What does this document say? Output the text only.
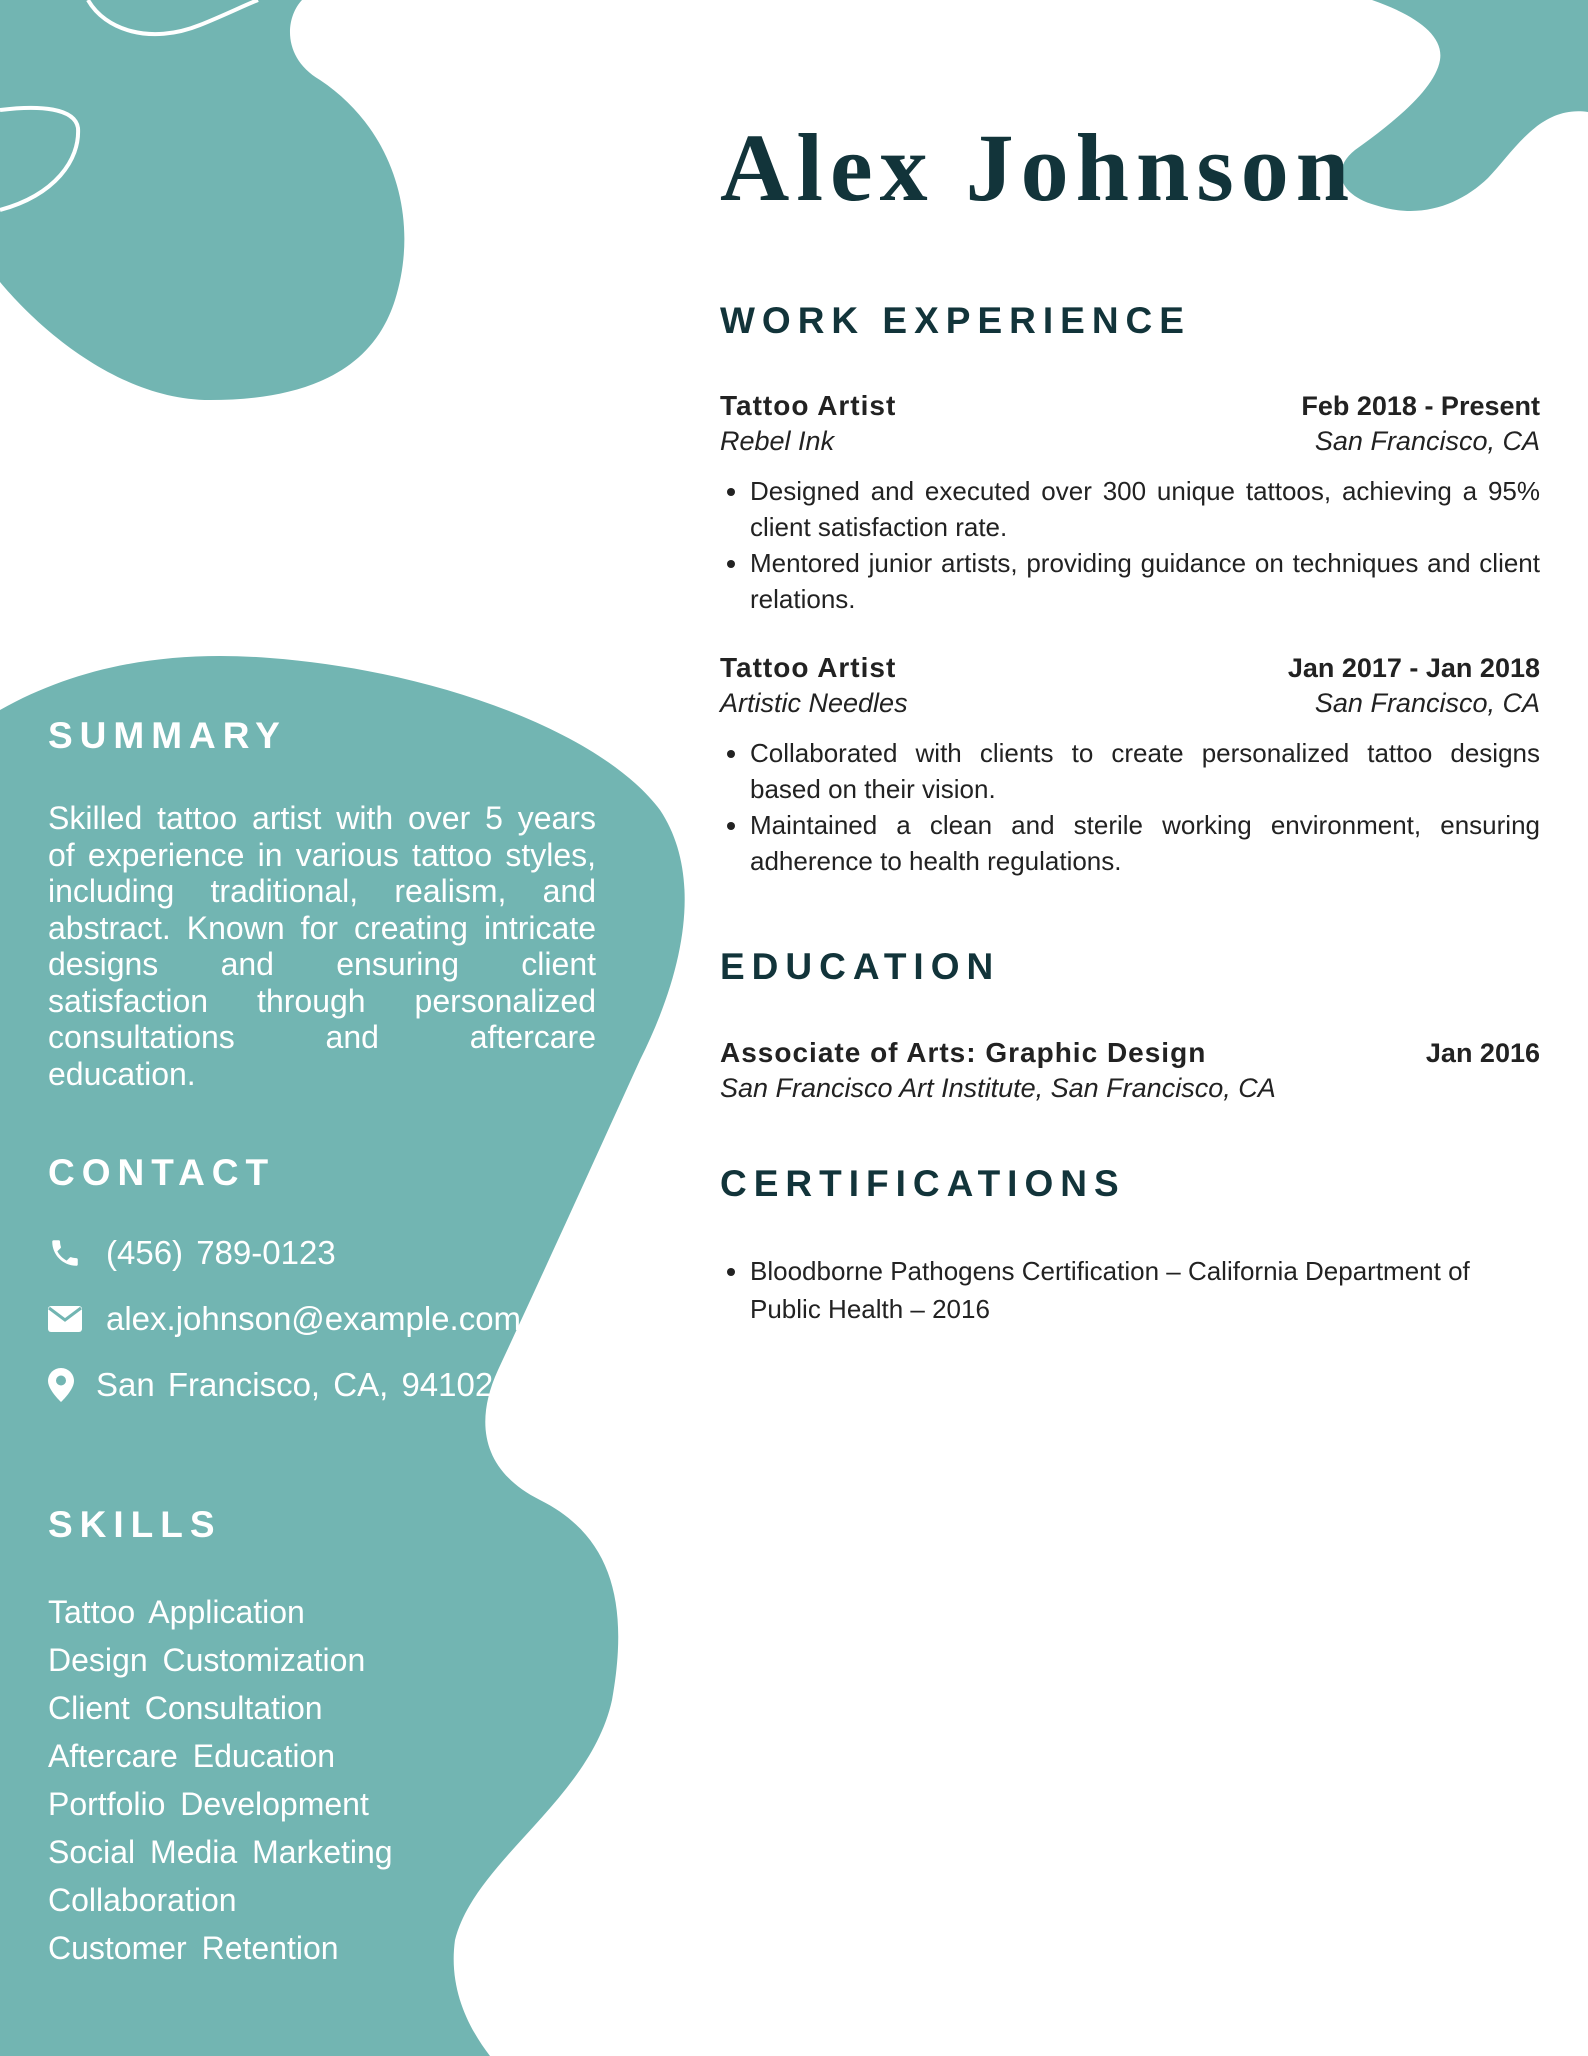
Alex Johnson
WORK EXPERIENCE
Tattoo Artist	Feb 2018 - Present
Rebel Ink	San Francisco, CA
• Designed and executed over 300 unique tattoos, achieving a 95% client satisfaction rate.
• Mentored junior artists, providing guidance on techniques and client relations.
Tattoo Artist	Jan 2017 - Jan 2018
Artistic Needles	San Francisco, CA
• Collaborated with clients to create personalized tattoo designs based on their vision.
• Maintained a clean and sterile working environment, ensuring adherence to health regulations.
EDUCATION
Associate of Arts: Graphic Design	Jan 2016
San Francisco Art Institute, San Francisco, CA
CERTIFICATIONS
• Bloodborne Pathogens Certification – California Department of Public Health – 2016
SUMMARY

Skilled tattoo artist with over 5 years of experience in various tattoo styles, including traditional, realism, and abstract. Known for creating intricate designs and ensuring client satisfaction through personalized consultations and aftercare education.

CONTACT
(456) 789-0123
alex.johnson@example.com
San Francisco, CA, 94102
SKILLS
Tattoo Application
Design Customization
Client Consultation
Aftercare Education
Portfolio Development
Social Media Marketing
Collaboration
Customer Retention
